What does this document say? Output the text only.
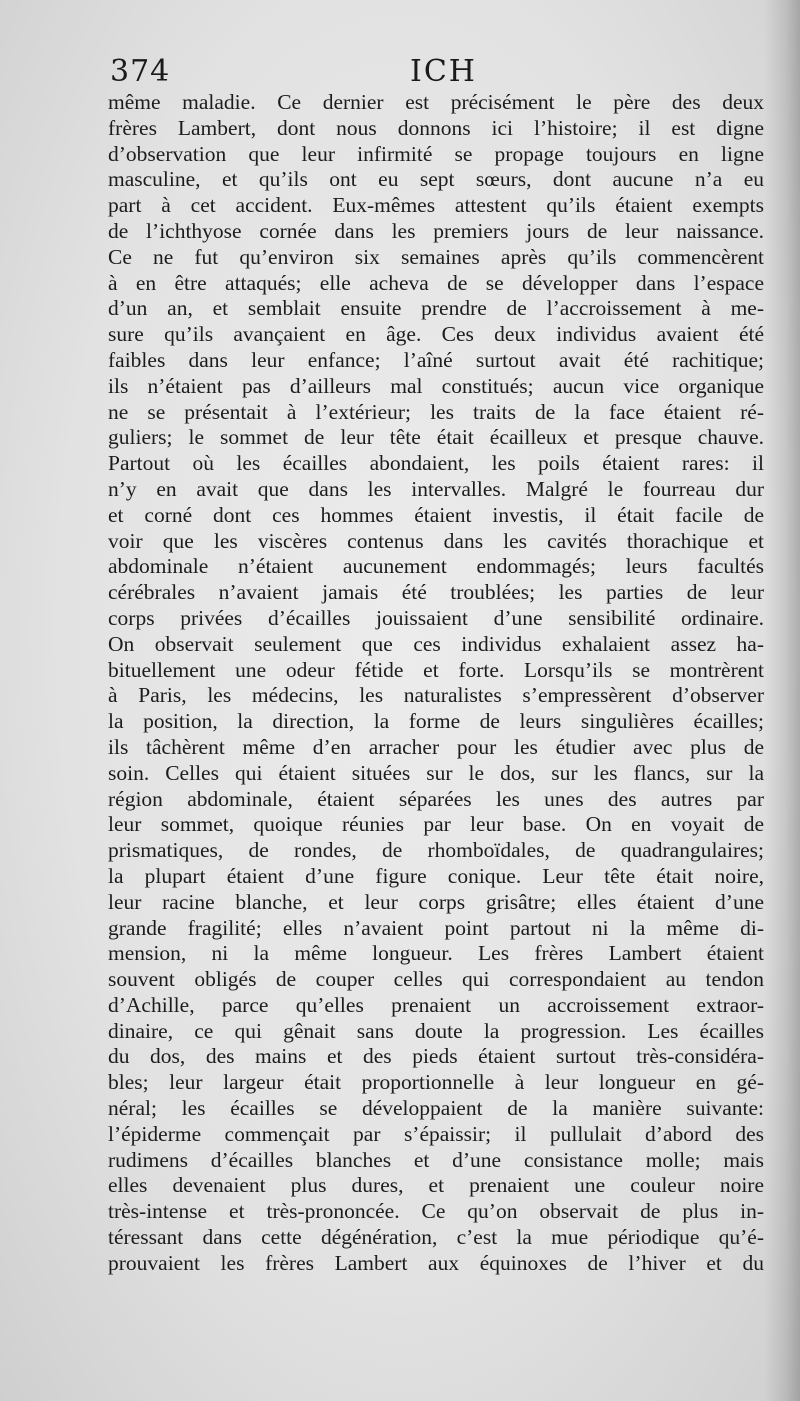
374	ICH
même maladie. Ce dernier est précisément le père des deux
frères Lambert, dont nous donnons ici l’histoire; il est digne
d’observation que leur infirmité se propage toujours en ligne
masculine, et qu’ils ont eu sept sœurs, dont aucune n’a eu
part à cet accident. Eux-mêmes attestent qu’ils étaient exempts
de l’ichthyose cornée dans les premiers jours de leur naissance.
Ce ne fut qu’environ six semaines après qu’ils commencèrent
à en être attaqués; elle acheva de se développer dans l’espace
d’un an, et semblait ensuite prendre de l’accroissement à me-
sure qu’ils avançaient en âge. Ces deux individus avaient été
faibles dans leur enfance; l’aîné surtout avait été rachitique;
ils n’étaient pas d’ailleurs mal constitués; aucun vice organique
ne se présentait à l’extérieur; les traits de la face étaient ré-
guliers; le sommet de leur tête était écailleux et presque chauve.
Partout où les écailles abondaient, les poils étaient rares: il
n’y en avait que dans les intervalles. Malgré le fourreau dur
et corné dont ces hommes étaient investis, il était facile de
voir que les viscères contenus dans les cavités thorachique et
abdominale n’étaient aucunement endommagés; leurs facultés
cérébrales n’avaient jamais été troublées; les parties de leur
corps privées d’écailles jouissaient d’une sensibilité ordinaire.
On observait seulement que ces individus exhalaient assez ha-
bituellement une odeur fétide et forte. Lorsqu’ils se montrèrent
à Paris, les médecins, les naturalistes s’empressèrent d’observer
la position, la direction, la forme de leurs singulières écailles;
ils tâchèrent même d’en arracher pour les étudier avec plus de
soin. Celles qui étaient situées sur le dos, sur les flancs, sur la
région abdominale, étaient séparées les unes des autres par
leur sommet, quoique réunies par leur base. On en voyait de
prismatiques, de rondes, de rhomboïdales, de quadrangulaires;
la plupart étaient d’une figure conique. Leur tête était noire,
leur racine blanche, et leur corps grisâtre; elles étaient d’une
grande fragilité; elles n’avaient point partout ni la même di-
mension, ni la même longueur. Les frères Lambert étaient
souvent obligés de couper celles qui correspondaient au tendon
d’Achille, parce qu’elles prenaient un accroissement extraor-
dinaire, ce qui gênait sans doute la progression. Les écailles
du dos, des mains et des pieds étaient surtout très-considéra-
bles; leur largeur était proportionnelle à leur longueur en gé-
néral; les écailles se développaient de la manière suivante:
l’épiderme commençait par s’épaissir; il pullulait d’abord des
rudimens d’écailles blanches et d’une consistance molle; mais
elles devenaient plus dures, et prenaient une couleur noire
très-intense et très-prononcée. Ce qu’on observait de plus in-
téressant dans cette dégénération, c’est la mue périodique qu’é-
prouvaient les frères Lambert aux équinoxes de l’hiver et du
